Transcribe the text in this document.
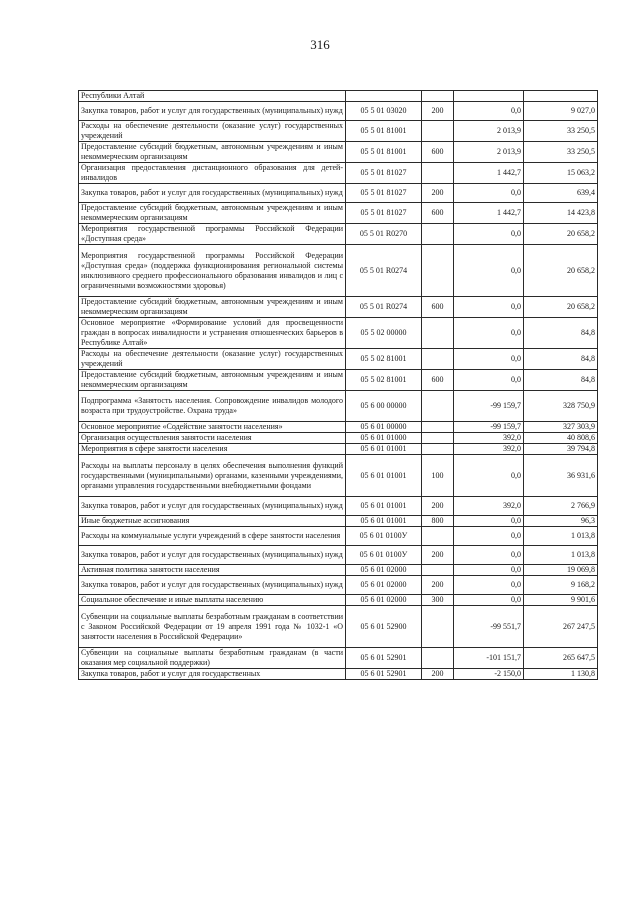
316
Республики Алтай				
Закупка товаров, работ и услуг для государственных (муниципальных) нужд	05 5 01 03020	200	0,0	9 027,0
Расходы на обеспечение деятельности (оказание услуг) государственных учреждений	05 5 01 81001		2 013,9	33 250,5
Предоставление субсидий бюджетным, автономным учреждениям и иным некоммерческим организациям	05 5 01 81001	600	2 013,9	33 250,5
Организация предоставления дистанционного образования для детей-инвалидов	05 5 01 81027		1 442,7	15 063,2
Закупка товаров, работ и услуг для государственных (муниципальных) нужд	05 5 01 81027	200	0,0	639,4
Предоставление субсидий бюджетным, автономным учреждениям и иным некоммерческим организациям	05 5 01 81027	600	1 442,7	14 423,8
Мероприятия государственной программы Российской Федерации «Доступная среда»	05 5 01 R0270		0,0	20 658,2
Мероприятия государственной программы Российской Федерации «Доступная среда» (поддержка функционирования региональной системы инклюзивного среднего профессионального образования инвалидов и лиц с ограниченными возможностями здоровья)	05 5 01 R0274		0,0	20 658,2
Предоставление субсидий бюджетным, автономным учреждениям и иным некоммерческим организациям	05 5 01 R0274	600	0,0	20 658,2
Основное мероприятие «Формирование условий для просвещенности граждан в вопросах инвалидности и устранения отношенческих барьеров в Республике Алтай»	05 5 02 00000		0,0	84,8
Расходы на обеспечение деятельности (оказание услуг) государственных учреждений	05 5 02 81001		0,0	84,8
Предоставление субсидий бюджетным, автономным учреждениям и иным некоммерческим организациям	05 5 02 81001	600	0,0	84,8
Подпрограмма «Занятость населения. Сопровождение инвалидов молодого возраста при трудоустройстве. Охрана труда»	05 6 00 00000		-99 159,7	328 750,9
Основное мероприятие «Содействие занятости населения»	05 6 01 00000		-99 159,7	327 303,9
Организация осуществления занятости населения	05 6 01 01000		392,0	40 808,6
Мероприятия в сфере занятости населения	05 6 01 01001		392,0	39 794,8
Расходы на выплаты персоналу в целях обеспечения выполнения функций государственными (муниципальными) органами, казенными учреждениями, органами управления государственными внебюджетными фондами	05 6 01 01001	100	0,0	36 931,6
Закупка товаров, работ и услуг для государственных (муниципальных) нужд	05 6 01 01001	200	392,0	2 766,9
Иные бюджетные ассигнования	05 6 01 01001	800	0,0	96,3
Расходы на коммунальные услуги учреждений в сфере занятости населения	05 6 01 0100У		0,0	1 013,8
Закупка товаров, работ и услуг для государственных (муниципальных) нужд	05 6 01 0100У	200	0,0	1 013,8
Активная политика занятости населения	05 6 01 02000		0,0	19 069,8
Закупка товаров, работ и услуг для государственных (муниципальных) нужд	05 6 01 02000	200	0,0	9 168,2
Социальное обеспечение и иные выплаты населению	05 6 01 02000	300	0,0	9 901,6
Субвенции на социальные выплаты безработным гражданам в соответствии с Законом Российской Федерации от 19 апреля 1991 года № 1032-1 «О занятости населения в Российской Федерации»	05 6 01 52900		-99 551,7	267 247,5
Субвенции на социальные выплаты безработным гражданам (в части оказания мер социальной поддержки)	05 6 01 52901		-101 151,7	265 647,5
Закупка товаров, работ и услуг для государственных	05 6 01 52901	200	-2 150,0	1 130,8
